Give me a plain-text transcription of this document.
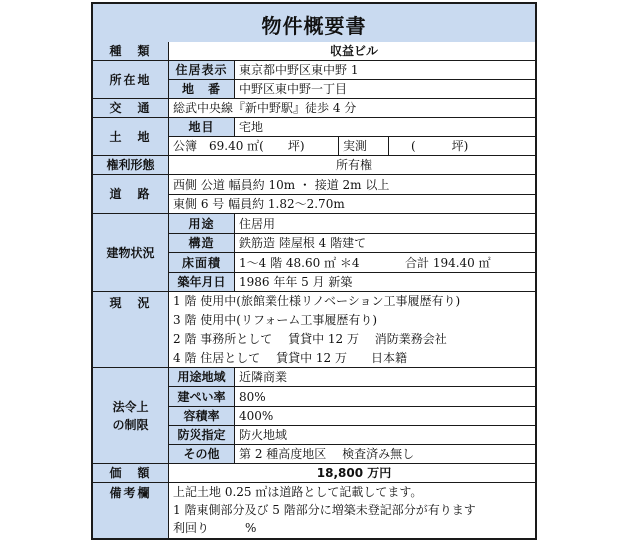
物件概要書
種　類	収益ビル
所在地
住居表示 東京都中野区東中野 1
地　番	中野区東中野一丁目
交　通	総武中央線『新中野駅』徒歩 4 分
土　地
地目	宅地
公簿　69.40 ㎡(　　坪)	実測	(　　　坪)
権利形態	所有権
道　路
西側 公道 幅員約 10m ・ 接道 2m 以上
東側 6 号 幅員約 1.82～2.70m
建物状況
用途	住居用
構造	鉄筋造 陸屋根 4 階建て
床面積	1～4 階 48.60 ㎡ ＊4	合計 194.40 ㎡
築年月日	1986 年年 5 月 新築
現　況	1 階 使用中(旅館業仕様リノベーション工事履歴有り)
3 階 使用中(リフォーム工事履歴有り)
2 階 事務所として　 賃貸中 12 万　 消防業務会社
4 階 住居として　 賃貸中 12 万　　日本籍
法令上
の制限
用途地域	近隣商業
建ぺい率	80%
容積率	400%
防災指定	防火地域
その他	第 2 種高度地区　 検査済み無し
価　額	18,800 万円
備考欄	上記土地 0.25 ㎡は道路として記載してます。
1 階東側部分及び 5 階部分に増築未登記部分が有ります
利回り　　　%
